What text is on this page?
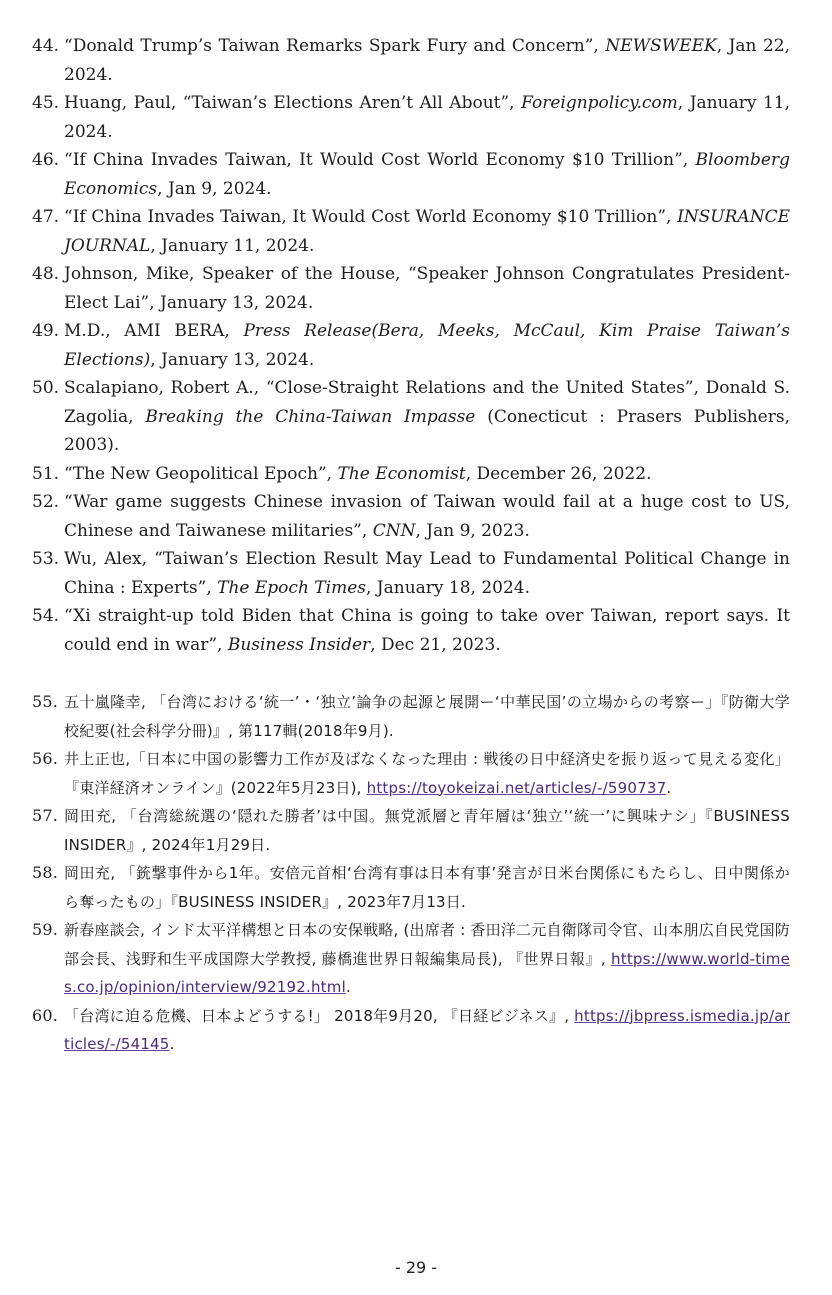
44. “Donald Trump’s Taiwan Remarks Spark Fury and Concern”, NEWSWEEK, Jan 22, 2024.
45. Huang, Paul, “Taiwan’s Elections Aren’t All About”, Foreignpolicy.com, January 11, 2024.
46. “If China Invades Taiwan, It Would Cost World Economy $10 Trillion”, Bloomberg Economics, Jan 9, 2024.
47. “If China Invades Taiwan, It Would Cost World Economy $10 Trillion”, INSURANCE JOURNAL, January 11, 2024.
48. Johnson, Mike, Speaker of the House, “Speaker Johnson Congratulates President-Elect Lai”, January 13, 2024.
49. M.D., AMI BERA, Press Release(Bera, Meeks, McCaul, Kim Praise Taiwan’s Elections), January 13, 2024.
50. Scalapiano, Robert A., “Close-Straight Relations and the United States”, Donald S. Zagolia, Breaking the China-Taiwan Impasse (Conecticut : Prasers Publishers, 2003).
51. “The New Geopolitical Epoch”, The Economist, December 26, 2022.
52. “War game suggests Chinese invasion of Taiwan would fail at a huge cost to US, Chinese and Taiwanese militaries”, CNN, Jan 9, 2023.
53. Wu, Alex, “Taiwan’s Election Result May Lead to Fundamental Political Change in China : Experts”, The Epoch Times, January 18, 2024.
54. “Xi straight-up told Biden that China is going to take over Taiwan, report says. It could end in war”, Business Insider, Dec 21, 2023.
55. 五十嵐隆幸, 「台湾における‘統一’・‘独立’論争の起源と展開ー‘中華民国’の立場からの考察ー」『防衛大学校紀要(社会科学分冊)』, 第117輯(2018年9月).
56. 井上正也,「日本に中国の影響力工作が及ばなくなった理由 : 戦後の日中経済史を振り返って見える変化」『東洋経済オンライン』(2022年5月23日), https://toyokeizai.net/articles/-/590737.
57. 岡田充, 「台湾総統選の‘隠れた勝者’は中国。無党派層と青年層は‘独立’‘統一’に興味ナシ」『BUSINESS INSIDER』, 2024年1月29日.
58. 岡田充, 「銃撃事件から1年。安倍元首相‘台湾有事は日本有事’発言が日米台関係にもたらし、日中関係から奪ったもの」『BUSINESS INSIDER』, 2023年7月13日.
59. 新春座談会, インド太平洋構想と日本の安保戦略, (出席者 : 香田洋二元自衛隊司令官、山本朋広自民党国防部会長、浅野和生平成国際大学教授, 藤橋進世界日報編集局長), 『世界日報』, https://www.world-times.co.jp/opinion/interview/92192.html.
60. 「台湾に迫る危機、日本よどうする!」 2018年9月20, 『日経ビジネス』, https://jbpress.ismedia.jp/articles/-/54145.
- 29 -
